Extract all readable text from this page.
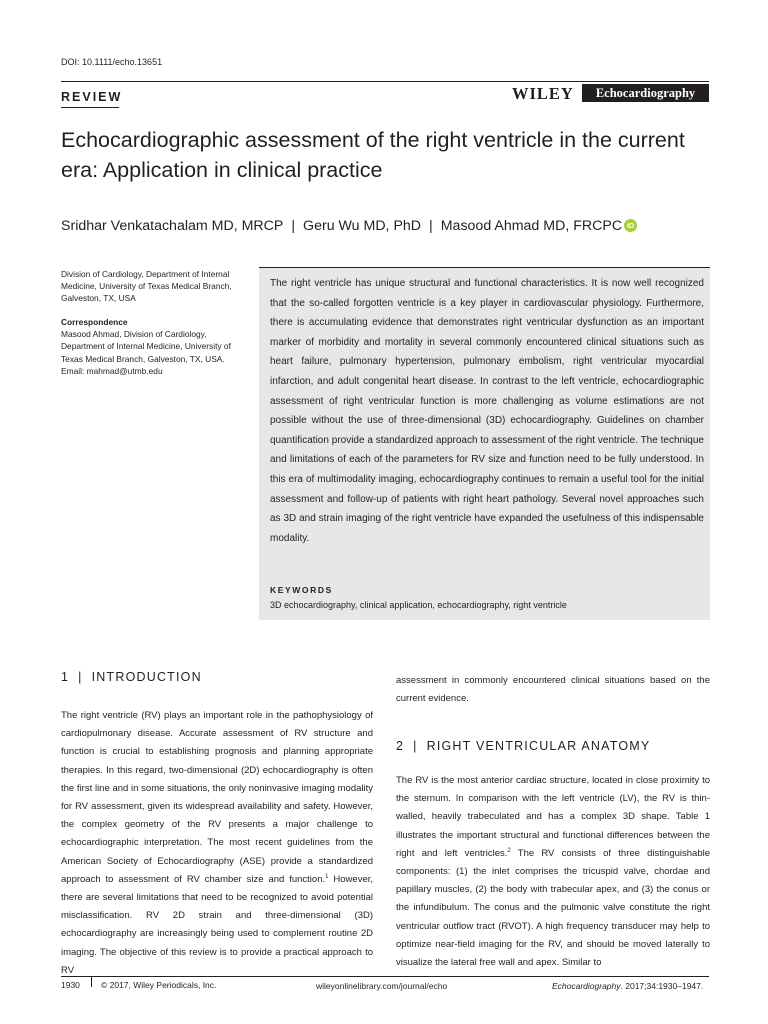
DOI: 10.1111/echo.13651
REVIEW	WILEY	Echocardiography
Echocardiographic assessment of the right ventricle in the current era: Application in clinical practice
Sridhar Venkatachalam MD, MRCP | Geru Wu MD, PhD | Masood Ahmad MD, FRCPC iD
Division of Cardiology, Department of Internal Medicine, University of Texas Medical Branch, Galveston, TX, USA
Correspondence
Masood Ahmad, Division of Cardiology, Department of Internal Medicine, University of Texas Medical Branch, Galveston, TX, USA.
Email: mahmad@utmb.edu
The right ventricle has unique structural and functional characteristics. It is now well recognized that the so-called forgotten ventricle is a key player in cardiovascular physiology. Furthermore, there is accumulating evidence that demonstrates right ventricular dysfunction as an important marker of morbidity and mortality in several commonly encountered clinical situations such as heart failure, pulmonary hypertension, pulmonary embolism, right ventricular myocardial infarction, and adult congenital heart disease. In contrast to the left ventricle, echocardiographic assessment of right ventricular function is more challenging as volume estimations are not possible without the use of three-dimensional (3D) echocardiography. Guidelines on chamber quantification provide a standardized approach to assessment of the right ventricle. The technique and limitations of each of the parameters for RV size and function need to be fully understood. In this era of multimodality imaging, echocardiography continues to remain a useful tool for the initial assessment and follow-up of patients with right heart pathology. Several novel approaches such as 3D and strain imaging of the right ventricle have expanded the usefulness of this indispensable modality.
KEYWORDS
3D echocardiography, clinical application, echocardiography, right ventricle
1 | INTRODUCTION
The right ventricle (RV) plays an important role in the pathophysiology of cardiopulmonary disease. Accurate assessment of RV structure and function is crucial to establishing prognosis and planning appropriate therapies. In this regard, two-dimensional (2D) echocardiography is often the first line and in some situations, the only noninvasive imaging modality for RV assessment, given its widespread availability and safety. However, the complex geometry of the RV presents a major challenge to echocardiographic interpretation. The most recent guidelines from the American Society of Echocardiography (ASE) provide a standardized approach to assessment of RV chamber size and function.$^1$ However, there are several limitations that need to be recognized to avoid potential misclassification. RV 2D strain and three-dimensional (3D) echocardiography are increasingly being used to complement routine 2D imaging. The objective of this review is to provide a practical approach to RV
assessment in commonly encountered clinical situations based on the current evidence.
2 | RIGHT VENTRICULAR ANATOMY
The RV is the most anterior cardiac structure, located in close proximity to the sternum. In comparison with the left ventricle (LV), the RV is thin-walled, heavily trabeculated and has a complex 3D shape. Table 1 illustrates the important structural and functional differences between the right and left ventricles.$^2$ The RV consists of three distinguishable components: (1) the inlet comprises the tricuspid valve, chordae and papillary muscles, (2) the body with trabecular apex, and (3) the conus or the infundibulum. The conus and the pulmonic valve constitute the right ventricular outflow tract (RVOT). A high frequency transducer may help to optimize near-field imaging for the RV, and should be moved laterally to visualize the lateral free wall and apex. Similar to
1930 © 2017, Wiley Periodicals, Inc.	wileyonlinelibrary.com/journal/echo	Echocardiography. 2017;34:1930–1947.
